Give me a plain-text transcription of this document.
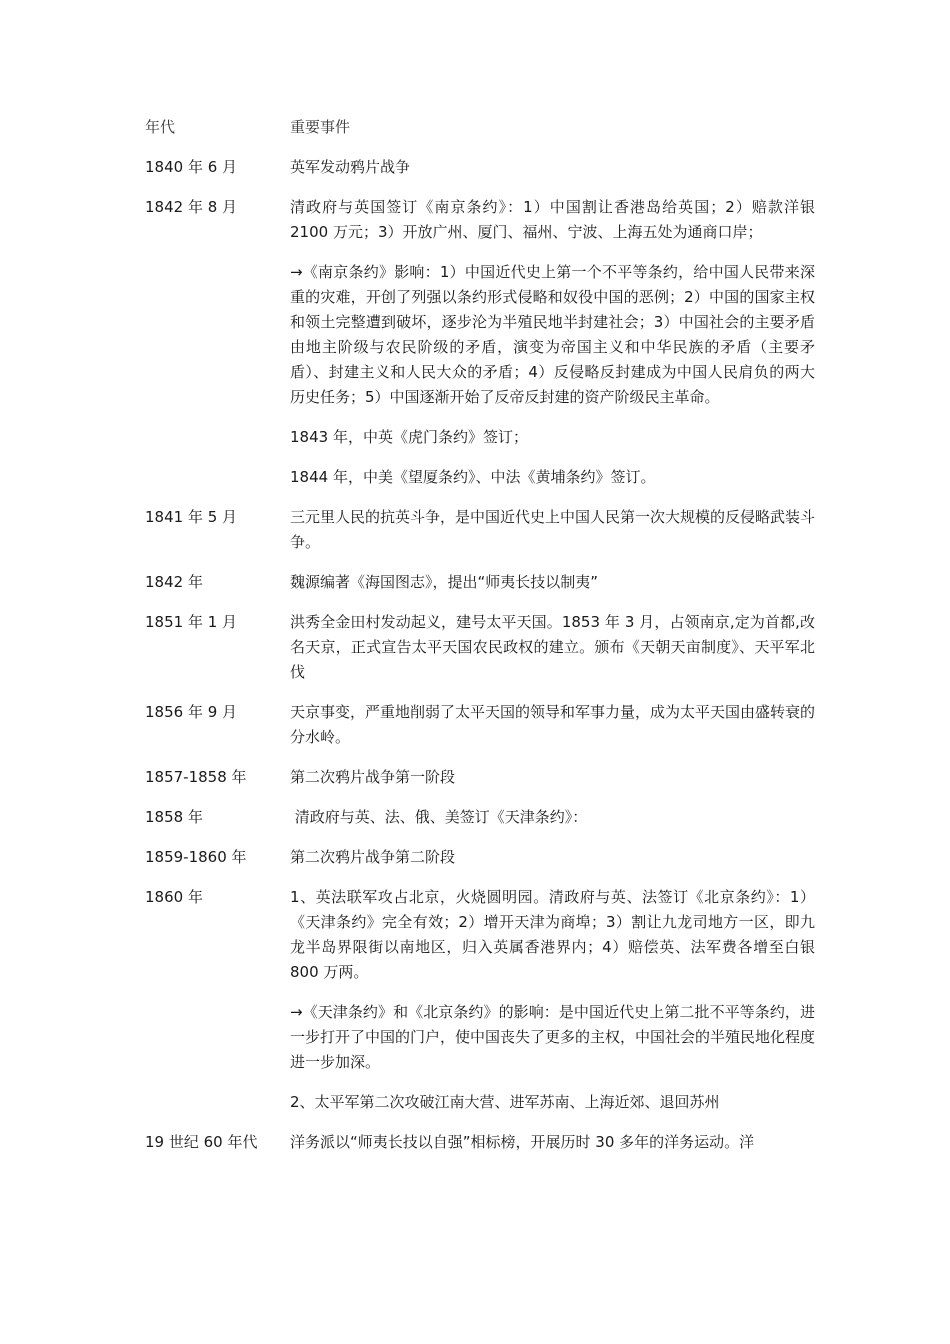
年代	重要事件
1840 年 6 月	英军发动鸦片战争
1842 年 8 月	清政府与英国签订《南京条约》：1）中国割让香港岛给英国；2）赔款洋银 2100 万元；3）开放广州、厦门、福州、宁波、上海五处为通商口岸；
→《南京条约》影响：1）中国近代史上第一个不平等条约，给中国人民带来深重的灾难，开创了列强以条约形式侵略和奴役中国的恶例；2）中国的国家主权和领土完整遭到破坏，逐步沦为半殖民地半封建社会；3）中国社会的主要矛盾由地主阶级与农民阶级的矛盾，演变为帝国主义和中华民族的矛盾（主要矛盾）、封建主义和人民大众的矛盾；4）反侵略反封建成为中国人民肩负的两大历史任务；5）中国逐渐开始了反帝反封建的资产阶级民主革命。
1843 年，中英《虎门条约》签订；
1844 年，中美《望厦条约》、中法《黄埔条约》签订。
1841 年 5 月	三元里人民的抗英斗争，是中国近代史上中国人民第一次大规模的反侵略武装斗争。
1842 年	魏源编著《海国图志》，提出“师夷长技以制夷”
1851 年 1 月	洪秀全金田村发动起义，建号太平天国。1853 年 3 月，占领南京,定为首都,改名天京，正式宣告太平天国农民政权的建立。颁布《天朝天亩制度》、天平军北伐
1856 年 9 月	天京事变，严重地削弱了太平天国的领导和军事力量，成为太平天国由盛转衰的分水岭。
1857-1858 年	第二次鸦片战争第一阶段
1858 年	清政府与英、法、俄、美签订《天津条约》：
1859-1860 年	第二次鸦片战争第二阶段
1860 年	1、英法联军攻占北京，火烧圆明园。清政府与英、法签订《北京条约》：1）《天津条约》完全有效；2）增开天津为商埠；3）割让九龙司地方一区，即九龙半岛界限街以南地区，归入英属香港界内；4）赔偿英、法军费各增至白银 800 万两。
→《天津条约》和《北京条约》的影响：是中国近代史上第二批不平等条约，进一步打开了中国的门户，使中国丧失了更多的主权，中国社会的半殖民地化程度进一步加深。
2、太平军第二次攻破江南大营、进军苏南、上海近郊、退回苏州
19 世纪 60 年代	洋务派以“师夷长技以自强”相标榜，开展历时 30 多年的洋务运动。洋
